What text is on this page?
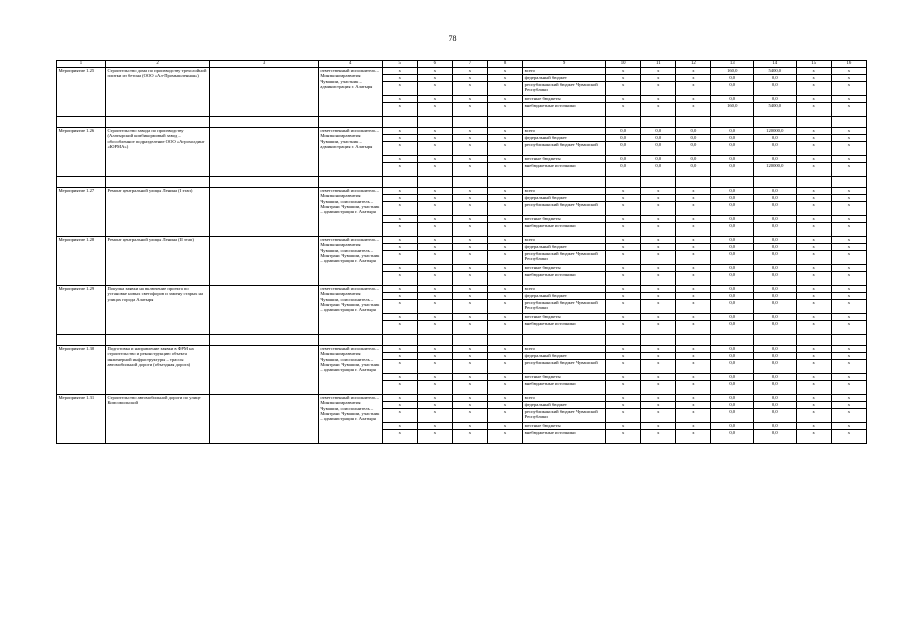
78
1	2	3	4	5	6	7	8	9	10	11	12	13	14	15	16
Мероприятие 1.25	Строительство дома по производству трехслойной плитки из бетона (ООО «Ал-Промышленная»)		ответственный исполнитель – Минэкономразвития Чувашии, участник – администрация г. Алатыря	х	х	х	х	всего	х	х	х	160,0	5400,0	х	х
				х	х	х	х	федеральный бюджет	х	х	х	0,0	0,0	х	х
				х	х	х	х	республиканский бюджет Чувашской Республики	х	х	х	0,0	0,0	х	х
				х	х	х	х	местные бюджеты	х	х	х	0,0	0,0	х	х
				х	х	х	х	внебюджетные источники	х	х	х	160,0	5400,0	х	х

Мероприятие 1.26	Строительство завода по производству (Алатырский комбикормовый завод – обособленное подразделение ООО «Агрохолдинг «ЮРМА»)		ответственный исполнитель – Минэкономразвития Чувашии, участник – администрация г. Алатыря	х	х	х	х	всего	0,0	0,0	0,0	0,0	120000,0	х	х
				х	х	х	х	федеральный бюджет	0,0	0,0	0,0	0,0	0,0	х	х
				х	х	х	х	республиканский бюджет Чувашской	0,0	0,0	0,0	0,0	0,0	х	х
				х	х	х	х	местные бюджеты	0,0	0,0	0,0	0,0	0,0	х	х
				х	х	х	х	внебюджетные источники	0,0	0,0	0,0	0,0	120000,0	х	х

Мероприятие 1.27	Ремонт центральной улицы Ленина (I этап)		ответственный исполнитель – Минэкономразвития Чувашии, соисполнитель – Минтранс Чувашии, участник – администрация г. Алатыря	х	х	х	х	всего	х	х	х	0,0	0,0	х	х
				х	х	х	х	федеральный бюджет	х	х	х	0,0	0,0	х	х
				х	х	х	х	республиканский бюджет Чувашской	х	х	х	0,0	0,0	х	х
				х	х	х	х	местные бюджеты	х	х	х	0,0	0,0	х	х
				х	х	х	х	внебюджетные источники	х	х	х	0,0	0,0	х	х
Мероприятие 1.28	Ремонт центральной улицы Ленина (II этап)		ответственный исполнитель – Минэкономразвития Чувашии, соисполнитель – Минтранс Чувашии, участник – администрация г. Алатыря	х	х	х	х	всего	х	х	х	0,0	0,0	х	х
				х	х	х	х	федеральный бюджет	х	х	х	0,0	0,0	х	х
				х	х	х	х	республиканский бюджет Чувашской Республики	х	х	х	0,0	0,0	х	х
				х	х	х	х	местные бюджеты	х	х	х	0,0	0,0	х	х
				х	х	х	х	внебюджетные источники	х	х	х	0,0	0,0	х	х
Мероприятие 1.29	Покупка заявки на включение проекта по установке новых светофоров и замену старых на улицах города Алатыря		ответственный исполнитель – Минэкономразвития Чувашии, соисполнитель – Минтранс Чувашии, участник – администрация г. Алатыря	х	х	х	х	всего	х	х	х	0,0	0,0	х	х
				х	х	х	х	федеральный бюджет	х	х	х	0,0	0,0	х	х
				х	х	х	х	республиканский бюджет Чувашской Республики	х	х	х	0,0	0,0	х	х
				х	х	х	х	местные бюджеты	х	х	х	0,0	0,0	х	х
				х	х	х	х	внебюджетные источники	х	х	х	0,0	0,0	х	х

Мероприятие 1.30	Подготовка и направление заявки в ФРМ на строительство и реконструкцию объекта инженерной инфраструктуры – трассы автомобильной дороги (объездная дорога)		ответственный исполнитель – Минэкономразвития Чувашии, соисполнитель – Минтранс Чувашии, участник – администрация г. Алатыря	х	х	х	х	всего	х	х	х	0,0	0,0	х	х
				х	х	х	х	федеральный бюджет	х	х	х	0,0	0,0	х	х
				х	х	х	х	республиканский бюджет Чувашской	х	х	х	0,0	0,0	х	х
				х	х	х	х	местные бюджеты	х	х	х	0,0	0,0	х	х
				х	х	х	х	внебюджетные источники	х	х	х	0,0	0,0	х	х
Мероприятие 1.31	Строительство автомобильной дороги по улице Комсомольской		ответственный исполнитель – Минэкономразвития Чувашии, соисполнитель – Минтранс Чувашии, участник – администрация г. Алатыря	х	х	х	х	всего	х	х	х	0,0	0,0	х	х
				х	х	х	х	федеральный бюджет	х	х	х	0,0	0,0	х	х
				х	х	х	х	республиканский бюджет Чувашской Республики	х	х	х	0,0	0,0	х	х
				х	х	х	х	местные бюджеты	х	х	х	0,0	0,0	х	х
				х	х	х	х	внебюджетные источники	х	х	х	0,0	0,0	х	х
